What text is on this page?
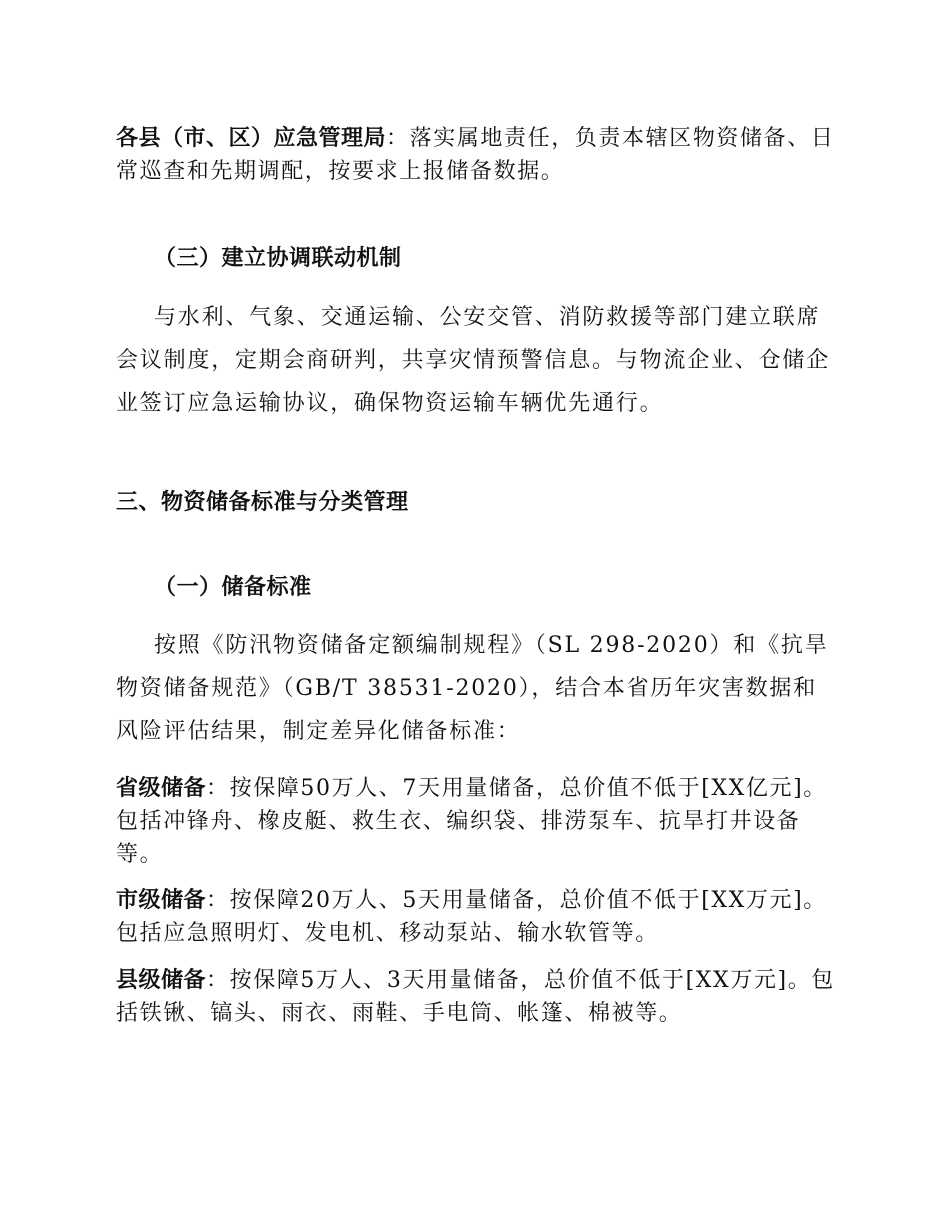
各县（市、区）应急管理局：落实属地责任，负责本辖区物资储备、日常巡查和先期调配，按要求上报储备数据。

（三）建立协调联动机制

与水利、气象、交通运输、公安交管、消防救援等部门建立联席会议制度，定期会商研判，共享灾情预警信息。与物流企业、仓储企业签订应急运输协议，确保物资运输车辆优先通行。

三、物资储备标准与分类管理
（一）储备标准

按照《防汛物资储备定额编制规程》（SL 298-2020）和《抗旱物资储备规范》（GB/T 38531-2020），结合本省历年灾害数据和风险评估结果，制定差异化储备标准：

省级储备：按保障50万人、7天用量储备，总价值不低于[XX亿元]。包括冲锋舟、橡皮艇、救生衣、编织袋、排涝泵车、抗旱打井设备等。

市级储备：按保障20万人、5天用量储备，总价值不低于[XX万元]。包括应急照明灯、发电机、移动泵站、输水软管等。

县级储备：按保障5万人、3天用量储备，总价值不低于[XX万元]。包括铁锹、镐头、雨衣、雨鞋、手电筒、帐篷、棉被等。
